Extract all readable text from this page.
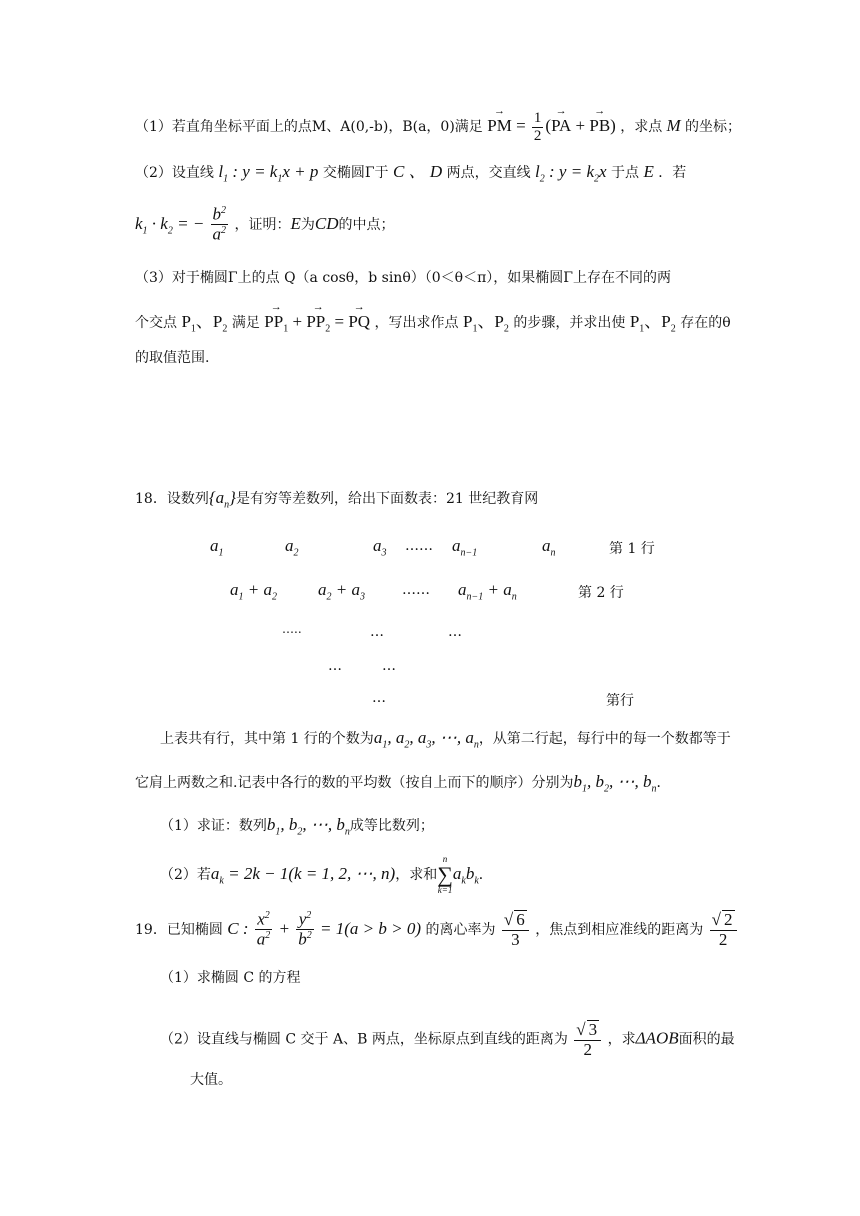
（1）若直角坐标平面上的点M、A(0,-b)，B(a，0)满足 → PM = $\frac{1}{2}$ (→ PA + → PB) ，求点 M 的坐标；
（2）设直线 $l_1$ : $y = k_1x + p$ 交椭圆Γ于 C 、 D 两点，交直线 $l_2$ : $y = k_2x$ 于点 E ．若
$k_1 \cdot k_2$ = − $\frac{b^2}{a^2}$ ，证明：E为CD的中点；
（3）对于椭圆Γ上的点 Q（a cosθ，b sinθ）（0＜θ＜π），如果椭圆Γ上存在不同的两
个交点 $P_1$、$P_2$ 满足 → $PP_1$ + → $PP_2$ = → PQ ，写出求作点 $P_1$、$P_2$ 的步骤，并求出使 $P_1$、$P_2$ 存在的θ
的取值范围.
18．设数列$\{a_n\}$是有穷等差数列，给出下面数表：21 世纪教育网
$a_1$	$a_2$	$a_3$ …… $a_{n-1}$	$a_n$	第 1 行
$a_1 + a_2$ $a_2 + a_3$	…… $a_{n-1} + a_n$	第 2 行
…..	…	…
…	…
…	第行
上表共有行，其中第 1 行的个数为$a_1$, $a_2$, $a_3$, ⋯, $a_n$，从第二行起，每行中的每一个数都等于
它肩上两数之和.记表中各行的数的平均数（按自上而下的顺序）分别为$b_1$, $b_2$, ⋯, $b_n$．
（1）求证：数列$b_1$, $b_2$, ⋯, $b_n$成等比数列；
（2）若$a_k = 2k - 1(k = 1$, 2, ⋯, n)，求和
n
∑
k=1
$a_kb_k$．
19．已知椭圆 C : $\frac{x^2}{a^2} + \frac{y^2}{b^2} = 1(a > b > 0)$ 的离心率为 $\frac{√ 6}{3}$ ，焦点到相应准线的距离为 $\frac{√ 2}{2}$
（1）求椭圆 C 的方程
（2）设直线与椭圆 C 交于 A、B 两点，坐标原点到直线的距离为 $\frac{√ 3}{2}$ ，求ΔAOB面积的最
大值。
